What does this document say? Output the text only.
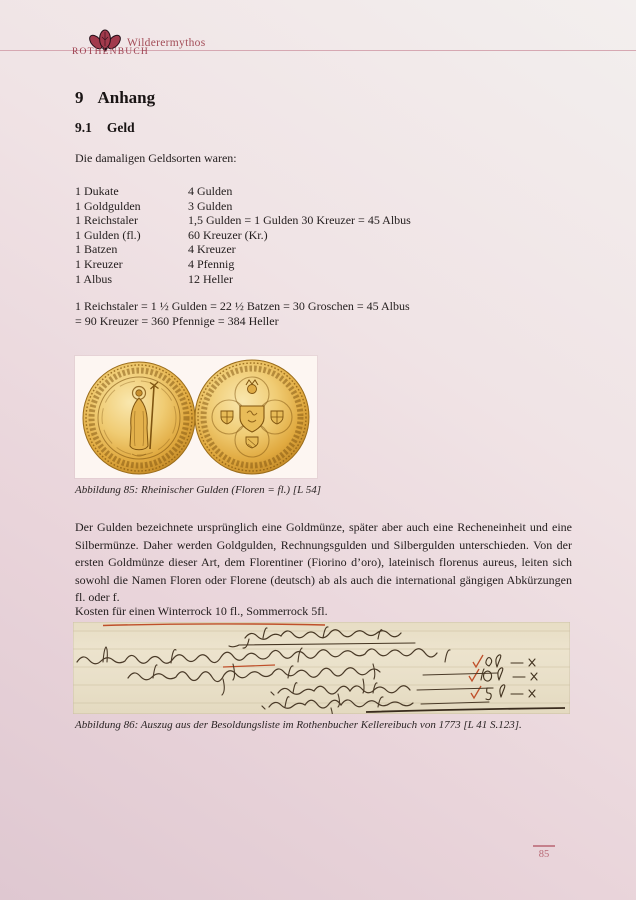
ROTHENBUCH
Wilderermythos
9 Anhang
9.1 Geld

Die damaligen Geldsorten waren:

1 Dukate	4 Gulden
1 Goldgulden	3 Gulden
1 Reichstaler	1,5 Gulden = 1 Gulden 30 Kreuzer = 45 Albus
1 Gulden (fl.)	60 Kreuzer (Kr.)
1 Batzen	4 Kreuzer
1 Kreuzer	4 Pfennig
1 Albus	12 Heller
1 Reichstaler = 1 ½ Gulden = 22 ½ Batzen = 30 Groschen = 45 Albus
= 90 Kreuzer = 360 Pfennige = 384 Heller

Abbildung 85: Rheinischer Gulden (Floren = fl.) [L 54]

Der Gulden bezeichnete ursprünglich eine Goldmünze, später aber auch eine Recheneinheit und eine Silbermünze. Daher werden Goldgulden, Rechnungsgulden und Silbergulden unterschieden. Von der ersten Goldmünze dieser Art, dem Florentiner (Fiorino d’oro), lateinisch florenus aureus, leiten sich sowohl die Namen Floren oder Florene (deutsch) ab als auch die international gängigen Abkürzungen fl. oder f.

Kosten für einen Winterrock 10 fl., Sommerrock 5fl.

Abbildung 86: Auszug aus der Besoldungsliste im Rothenbucher Kellereibuch von 1773 [L 41 S.123].

85
